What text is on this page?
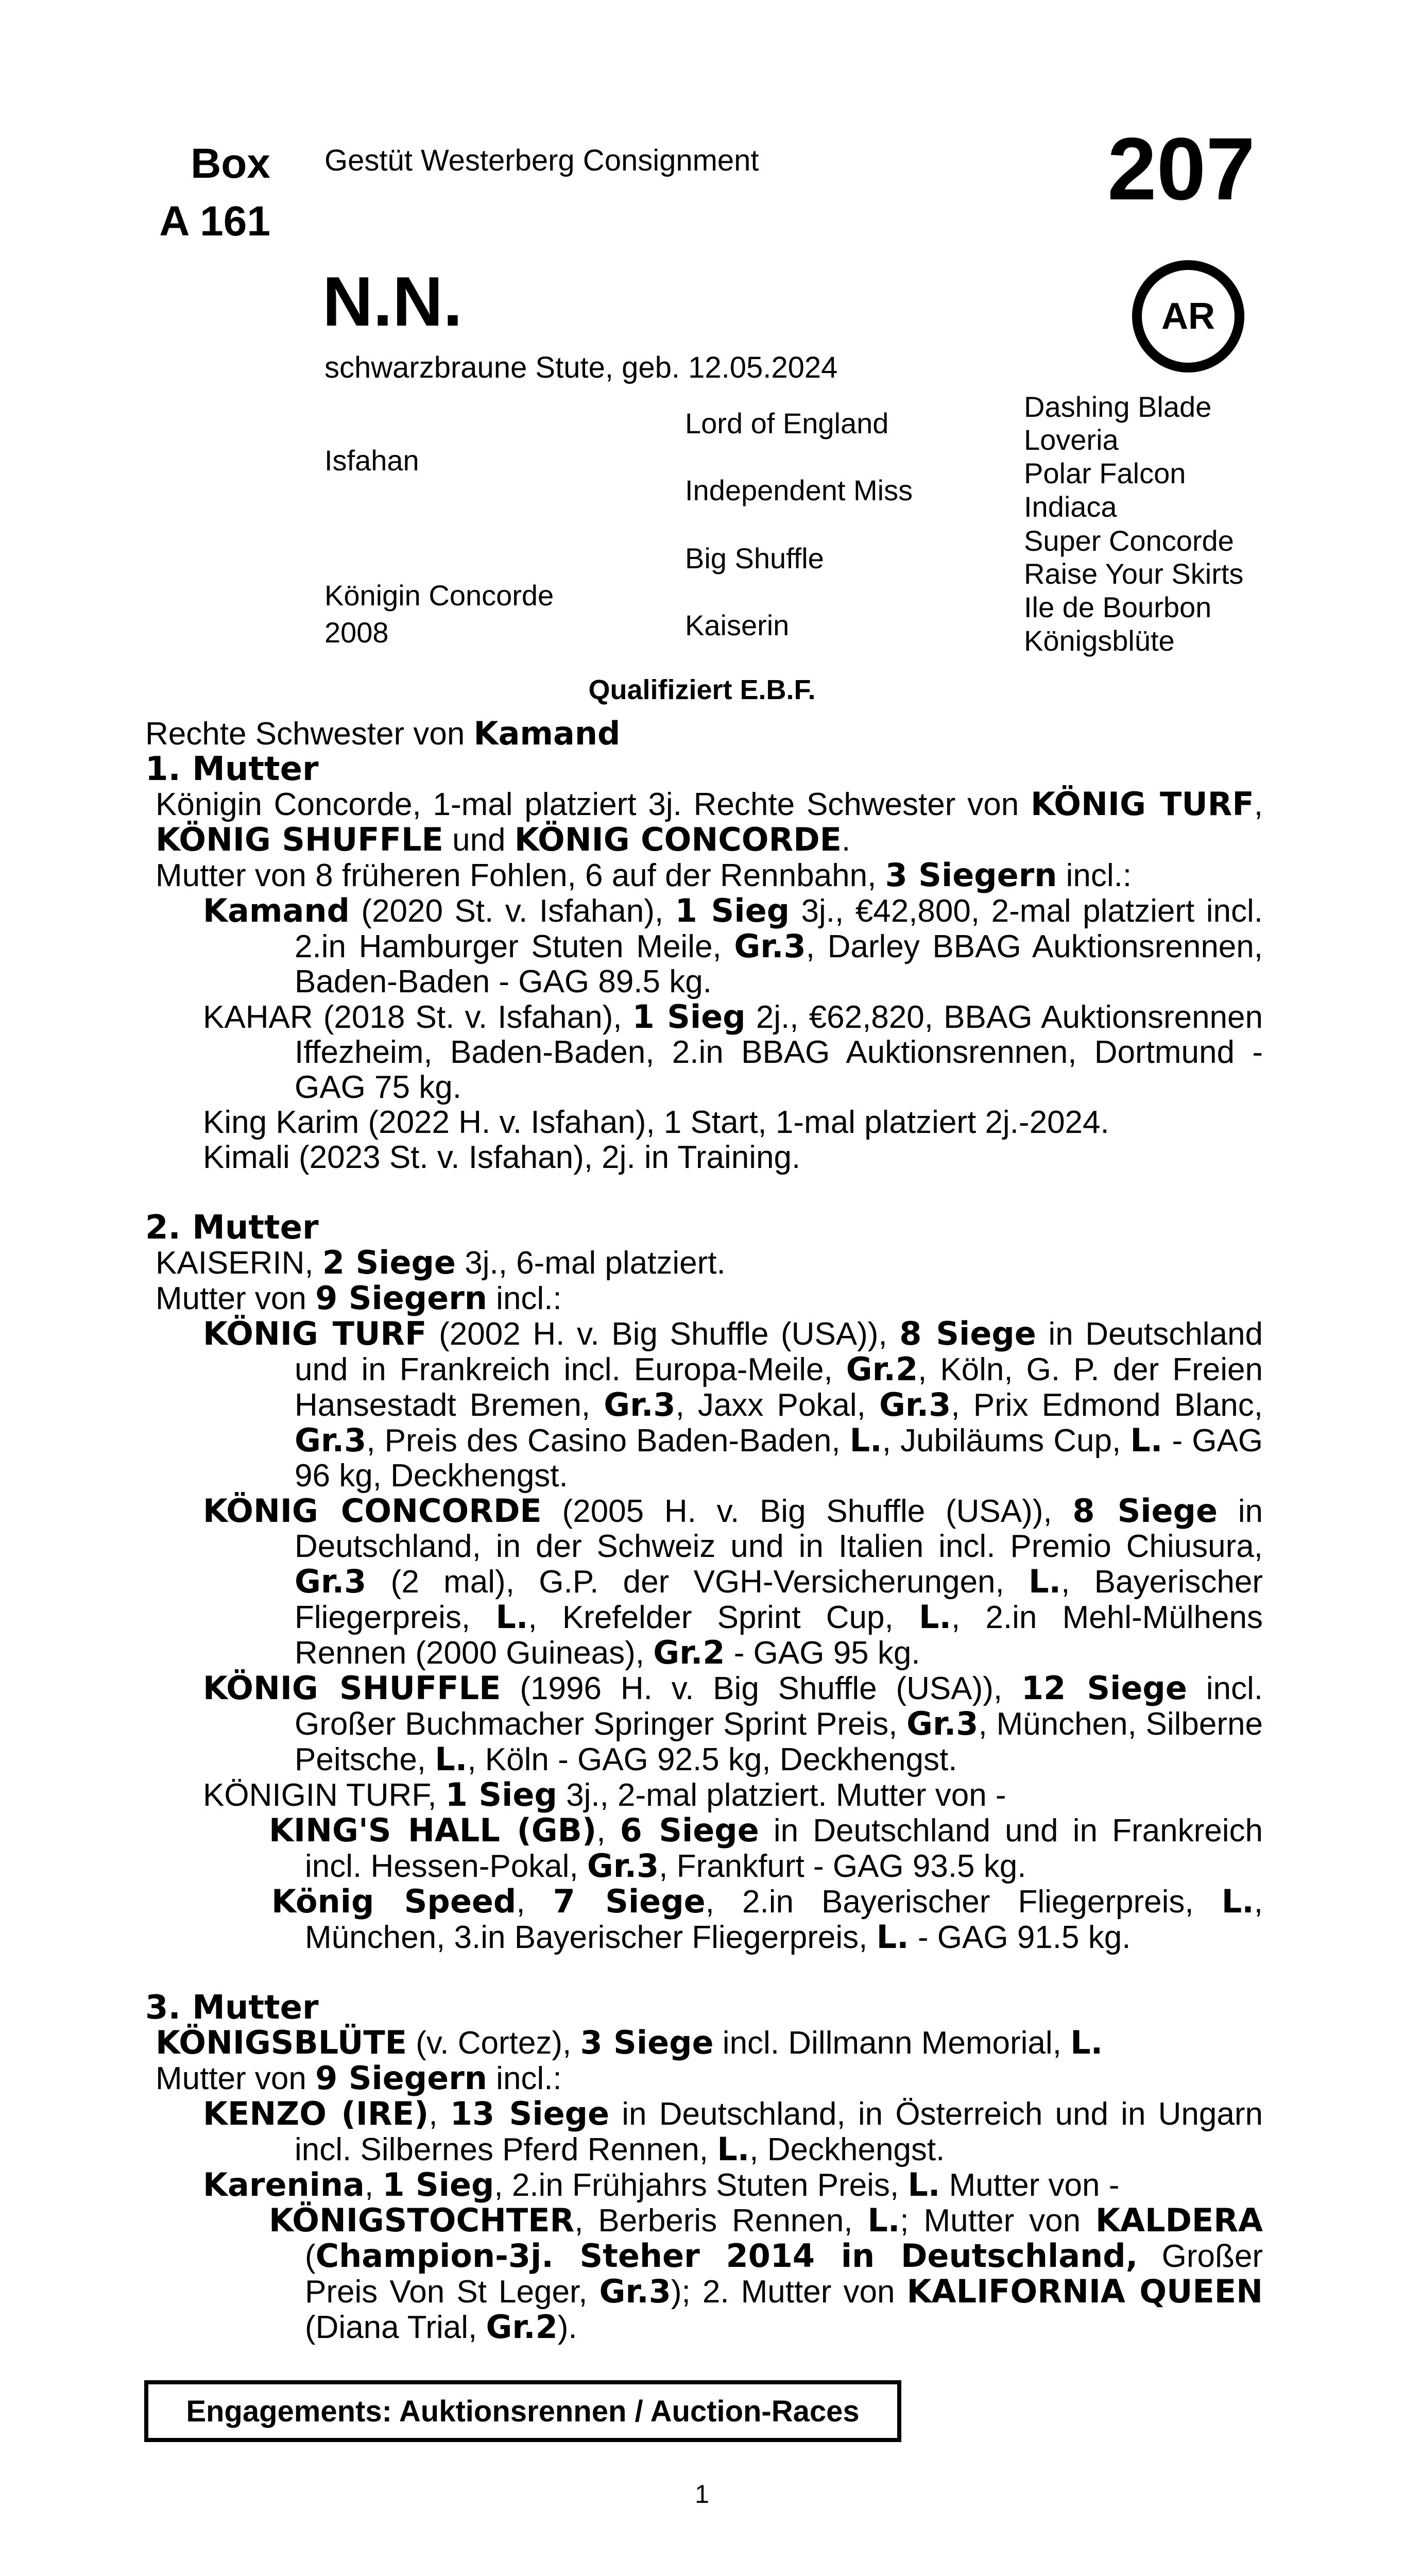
Box
A 161
Gestüt Westerberg Consignment	207
AR
N.N.
schwarzbraune Stute, geb. 12.05.2024
Isfahan
Königin Concorde
2008
Lord of England
Independent Miss
Big Shuffle
Kaiserin
Dashing Blade
Loveria
Polar Falcon
Indiaca
Super Concorde
Raise Your Skirts
Ile de Bourbon
Königsblüte
Qualifiziert E.B.F.

Rechte Schwester von Kamand

1. Mutter

Königin Concorde, 1-mal platziert 3j. Rechte Schwester von KÖNIG TURF, KÖNIG SHUFFLE und KÖNIG CONCORDE.

Mutter von 8 früheren Fohlen, 6 auf der Rennbahn, 3 Siegern incl.:

Kamand (2020 St. v. Isfahan), 1 Sieg 3j., €42,800, 2-mal platziert incl. 2.in Hamburger Stuten Meile, Gr.3, Darley BBAG Auktionsrennen, Baden-Baden - GAG 89.5 kg.

KAHAR (2018 St. v. Isfahan), 1 Sieg 2j., €62,820, BBAG Auktionsrennen Iffezheim, Baden-Baden, 2.in BBAG Auktionsrennen, Dortmund - GAG 75 kg.

King Karim (2022 H. v. Isfahan), 1 Start, 1-mal platziert 2j.-2024.

Kimali (2023 St. v. Isfahan), 2j. in Training.

2. Mutter

KAISERIN, 2 Siege 3j., 6-mal platziert.

Mutter von 9 Siegern incl.:

KÖNIG TURF (2002 H. v. Big Shuffle (USA)), 8 Siege in Deutschland und in Frankreich incl. Europa-Meile, Gr.2, Köln, G. P. der Freien Hansestadt Bremen, Gr.3, Jaxx Pokal, Gr.3, Prix Edmond Blanc, Gr.3, Preis des Casino Baden-Baden, L., Jubiläums Cup, L. - GAG 96 kg, Deckhengst.

KÖNIG CONCORDE (2005 H. v. Big Shuffle (USA)), 8 Siege in Deutschland, in der Schweiz und in Italien incl. Premio Chiusura, Gr.3 (2 mal), G.P. der VGH-Versicherungen, L., Bayerischer Fliegerpreis, L., Krefelder Sprint Cup, L., 2.in Mehl-Mülhens Rennen (2000 Guineas), Gr.2 - GAG 95 kg.

KÖNIG SHUFFLE (1996 H. v. Big Shuffle (USA)), 12 Siege incl. Großer Buchmacher Springer Sprint Preis, Gr.3, München, Silberne Peitsche, L., Köln - GAG 92.5 kg, Deckhengst.

KÖNIGIN TURF, 1 Sieg 3j., 2-mal platziert. Mutter von -

KING'S HALL (GB), 6 Siege in Deutschland und in Frankreich incl. Hessen-Pokal, Gr.3, Frankfurt - GAG 93.5 kg.

König Speed, 7 Siege, 2.in Bayerischer Fliegerpreis, L., München, 3.in Bayerischer Fliegerpreis, L. - GAG 91.5 kg.

3. Mutter

KÖNIGSBLÜTE (v. Cortez), 3 Siege incl. Dillmann Memorial, L.

Mutter von 9 Siegern incl.:

KENZO (IRE), 13 Siege in Deutschland, in Österreich und in Ungarn incl. Silbernes Pferd Rennen, L., Deckhengst.

Karenina, 1 Sieg, 2.in Frühjahrs Stuten Preis, L. Mutter von -

KÖNIGSTOCHTER, Berberis Rennen, L.; Mutter von KALDERA (Champion-3j. Steher 2014 in Deutschland, Großer Preis Von St Leger, Gr.3); 2. Mutter von KALIFORNIA QUEEN (Diana Trial, Gr.2).

Engagements: Auktionsrennen / Auction-Races
1
